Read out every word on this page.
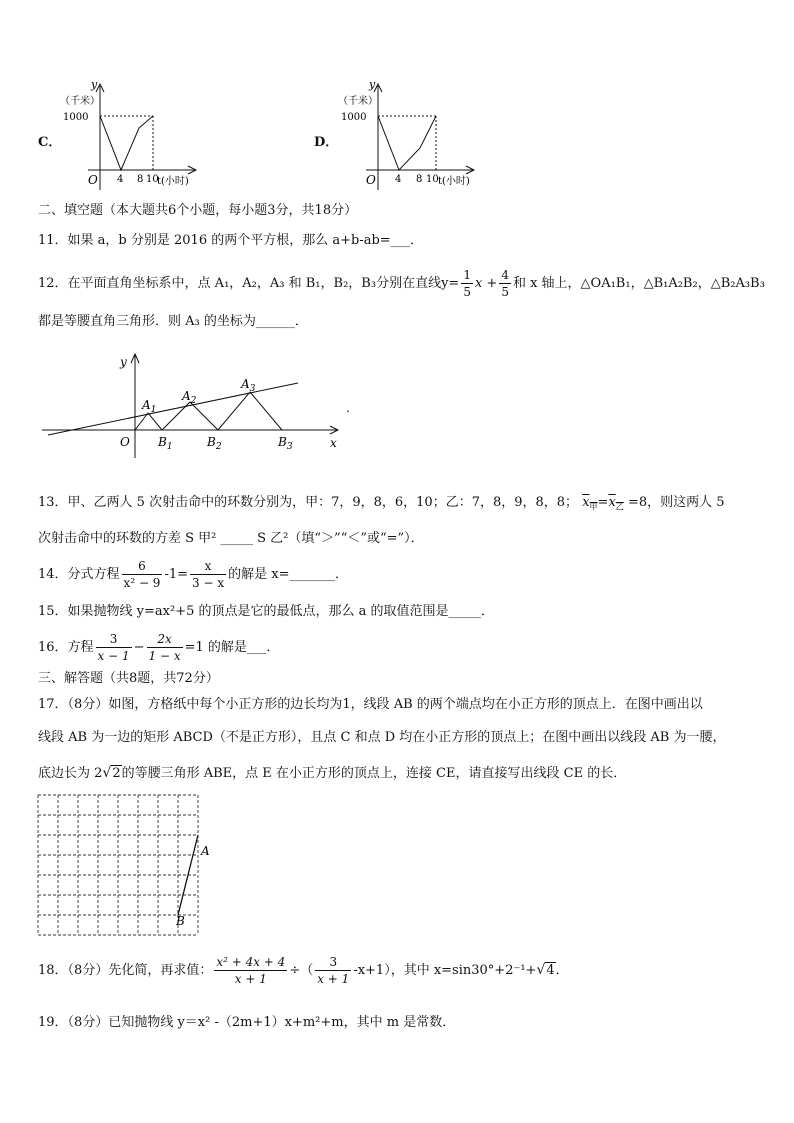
C．
y
（千米）
1000
O 4 8 10
t(小时)
D．
y
（千米）
1000
O 4 8 10 t(小时)
二、填空题（本大题共6个小题，每小题3分，共18分）
11．如果 a，b 分别是 2016 的两个平方根，那么 a+b-ab=___．
12．在平面直角坐标系中，点 A₁，A₂，A₃ 和 B₁，B₂，B₃分别在直线$y= \frac{1}{5}$ $x + \frac{4}{5}$ 和 x 轴上，△OA₁B₁，△B₁A₂B₂，△B₂A₃B₃
都是等腰直角三角形．则 A₃ 的坐标为______．
y
x
O
$A_1$
$A_2$
$A_3$
$B_1$	$B_2$	$B_3$
.
13．甲、乙两人 5 次射击命中的环数分别为，甲：7，9，8，6，10；乙：7，8，9，8，8； $x_甲=x_乙 =8$，则这两人 5
次射击命中的环数的方差 S 甲² _____ S 乙²（填“＞”“＜”或“=”）．
14．分式方程 $\frac{6}{\text{x² − 9}} -1= \frac{x}{3 - x}$ 的解是 x=_______．
15．如果抛物线 y=ax²+5 的顶点是它的最低点，那么 a 的取值范围是_____．
16．方程 $\frac{3}{x - 1} - \frac{2x}{1 - x} =1$ 的解是___．
三、解答题（共8题，共72分）
17．（8分）如图，方格纸中每个小正方形的边长均为1，线段 AB 的两个端点均在小正方形的顶点上．在图中画出以
线段 AB 为一边的矩形 ABCD（不是正方形），且点 C 和点 D 均在小正方形的顶点上；在图中画出以线段 AB 为一腰，
底边长为 2√2的等腰三角形 ABE，点 E 在小正方形的顶点上，连接 CE，请直接写出线段 CE 的长．
A
B
18．（8分）先化简，再求值： $\frac{\text{x² + 4x + 4}}{x + 1}$ ÷（ $\frac{3}{x + 1} -x+1$），其中 x=sin30°+2⁻¹+√4．
19．（8分）已知抛物线 y＝x² -（2m+1）x+m²+m，其中 m 是常数．
